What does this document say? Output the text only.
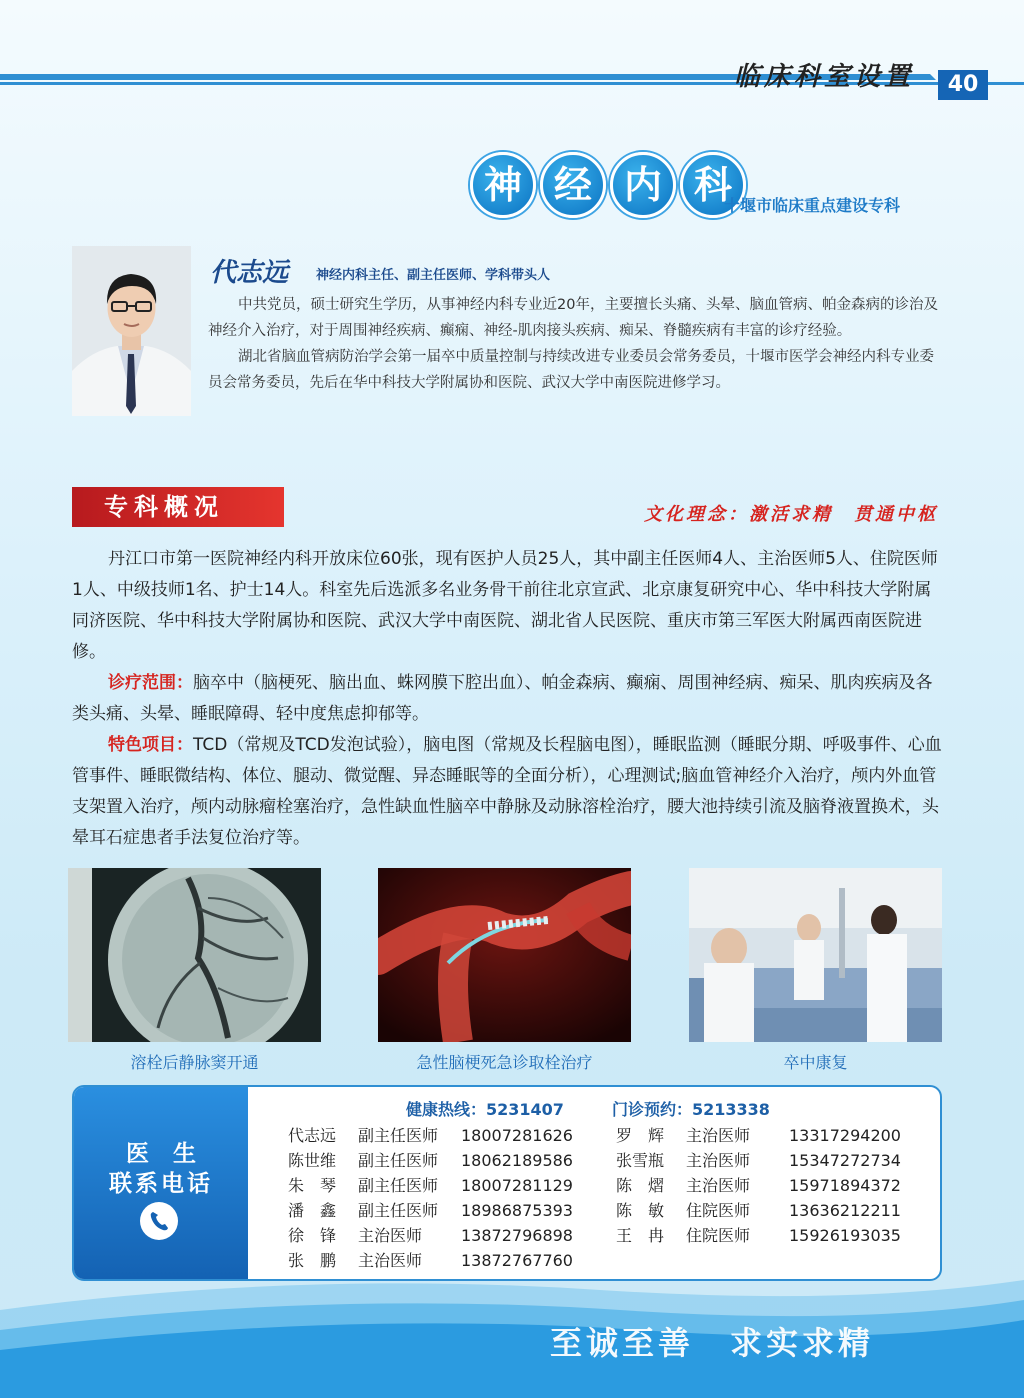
临床科室设置	40
神 经 内 科
十堰市临床重点建设专科
代志远 神经内科主任、副主任医师、学科带头人

中共党员，硕士研究生学历，从事神经内科专业近20年，主要擅长头痛、头晕、脑血管病、帕金森病的诊治及神经介入治疗，对于周围神经疾病、癫痫、神经-肌肉接头疾病、痴呆、脊髓疾病有丰富的诊疗经验。

湖北省脑血管病防治学会第一届卒中质量控制与持续改进专业委员会常务委员，十堰市医学会神经内科专业委员会常务委员，先后在华中科技大学附属协和医院、武汉大学中南医院进修学习。

专科概况	文化理念：激活求精　贯通中枢

丹江口市第一医院神经内科开放床位60张，现有医护人员25人，其中副主任医师4人、主治医师5人、住院医师1人、中级技师1名、护士14人。科室先后选派多名业务骨干前往北京宣武、北京康复研究中心、华中科技大学附属同济医院、华中科技大学附属协和医院、武汉大学中南医院、湖北省人民医院、重庆市第三军医大附属西南医院进修。

诊疗范围：脑卒中（脑梗死、脑出血、蛛网膜下腔出血）、帕金森病、癫痫、周围神经病、痴呆、肌肉疾病及各类头痛、头晕、睡眠障碍、轻中度焦虑抑郁等。

特色项目：TCD（常规及TCD发泡试验），脑电图（常规及长程脑电图），睡眠监测（睡眠分期、呼吸事件、心血管事件、睡眠微结构、体位、腿动、微觉醒、异态睡眠等的全面分析），心理测试;脑血管神经介入治疗，颅内外血管支架置入治疗，颅内动脉瘤栓塞治疗，急性缺血性脑卒中静脉及动脉溶栓治疗，腰大池持续引流及脑脊液置换术，头晕耳石症患者手法复位治疗等。

溶栓后静脉窦开通	急性脑梗死急诊取栓治疗	卒中康复
医生
联系电话
健康热线：5231407	门诊预约：5213338
代志远	副主任医师	18007281626
陈世维	副主任医师	18062189586
朱　琴	副主任医师	18007281129
潘　鑫	副主任医师	18986875393
徐　锋	主治医师	13872796898
张　鹏	主治医师	13872767760
罗　辉	主治医师	13317294200
张雪瓶	主治医师	15347272734
陈　熠	主治医师	15971894372
陈　敏	住院医师	13636212211
王　冉	住院医师	15926193035
至诚至善　求实求精
